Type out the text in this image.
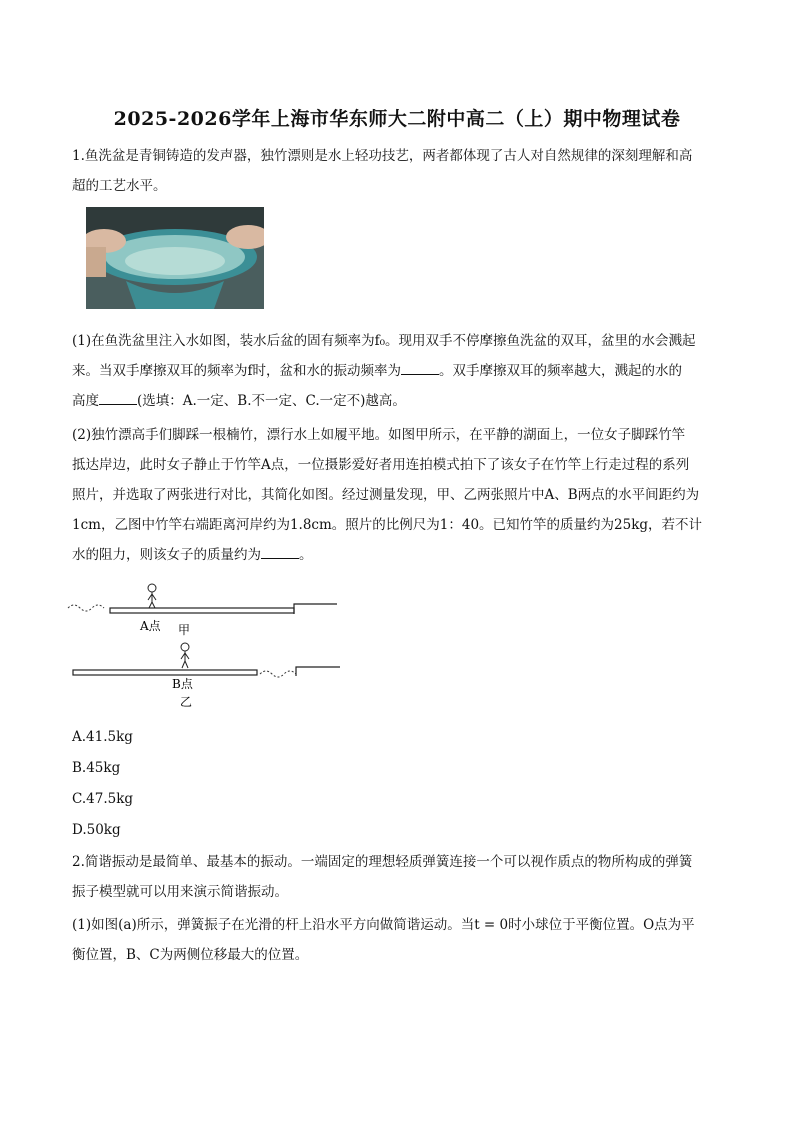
2025-2026学年上海市华东师大二附中高二（上）期中物理试卷

1.鱼洗盆是青铜铸造的发声器，独竹漂则是水上轻功技艺，两者都体现了古人对自然规律的深刻理解和高

超的工艺水平。

(1)在鱼洗盆里注入水如图，装水后盆的固有频率为f₀。现用双手不停摩擦鱼洗盆的双耳，盆里的水会溅起

来。当双手摩擦双耳的频率为f时，盆和水的振动频率为	。双手摩擦双耳的频率越大，溅起的水的

高度	(选填：A.一定、B.不一定、C.一定不)越高。

(2)独竹漂高手们脚踩一根楠竹，漂行水上如履平地。如图甲所示，在平静的湖面上，一位女子脚踩竹竿

抵达岸边，此时女子静止于竹竿A点，一位摄影爱好者用连拍模式拍下了该女子在竹竿上行走过程的系列

照片，并选取了两张进行对比，其简化如图。经过测量发现，甲、乙两张照片中A、B两点的水平间距约为

1cm，乙图中竹竿右端距离河岸约为1.8cm。照片的比例尺为1：40。已知竹竿的质量约为25kg，若不计

水的阻力，则该女子的质量约为	。

A点 甲
B点
乙
A.41.5kg
B.45kg
C.47.5kg
D.50kg

2.简谐振动是最简单、最基本的振动。一端固定的理想轻质弹簧连接一个可以视作质点的物所构成的弹簧

振子模型就可以用来演示简谐振动。

(1)如图(a)所示，弹簧振子在光滑的杆上沿水平方向做简谐运动。当t = 0时小球位于平衡位置。O点为平

衡位置，B、C为两侧位移最大的位置。
